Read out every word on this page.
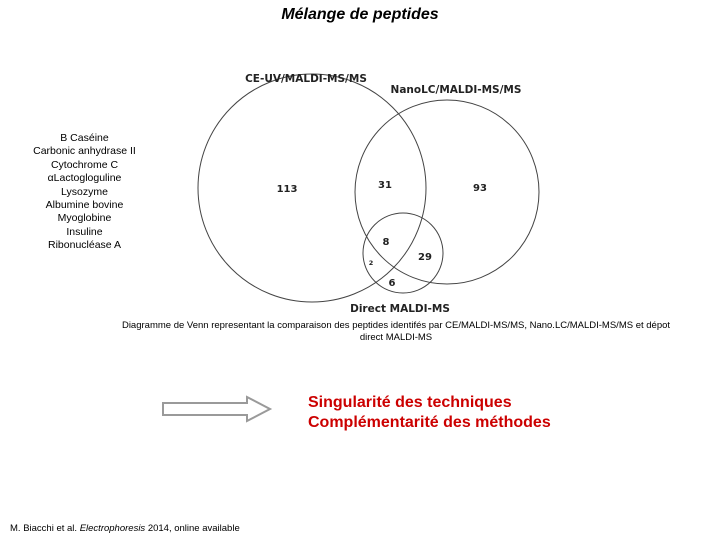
Mélange de peptides
B Caséine
Carbonic anhydrase II
Cytochrome C
αLactogloguline
Lysozyme
Albumine bovine
Myoglobine
Insuline
Ribonucléase A
CE-UV/MALDI-MS/MS
NanoLC/MALDI-MS/MS
Direct MALDI-MS
113	31	93
8
2	29
6
Diagramme de Venn representant la comparaison des peptides identifés par CE/MALDI-MS/MS, Nano.LC/MALDI-MS/MS et dépot direct MALDI-MS
Singularité des techniques
Complémentarité des méthodes
M. Biacchi et al. Electrophoresis 2014, online available
